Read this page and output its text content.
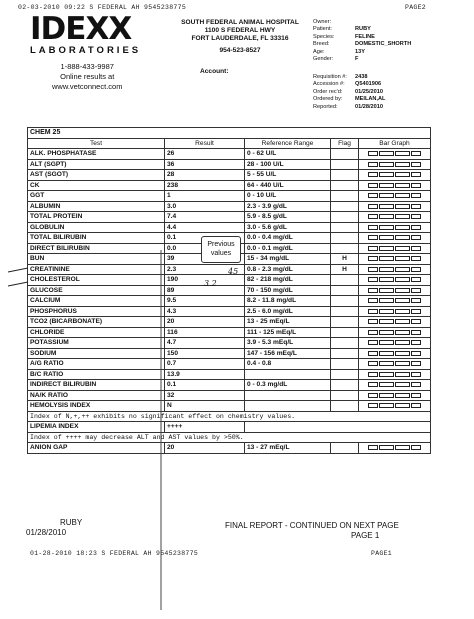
02-03-2010 09:22 S FEDERAL AH 9545238775	PAGE2
IDEXX
LABORATORIES
1-888-433-9987
Online results at
www.vetconnect.com
SOUTH FEDERAL ANIMAL HOSPITAL
1100 S FEDERAL HWY
FORT LAUDERDALE, FL 33316
954-523-8527
Account:
Owner:
Patient:	RUBY
Species:	FELINE
Breed:	DOMESTIC_SHORTH
Age:	13Y
Gender:	F
Requisition #:	2438
Accession #:	Q5401906
Order rec'd:	01/25/2010
Ordered by:	MEILAN,AL
Reported:	01/28/2010
CHEM 25				
Test	Result	Reference Range	Flag	Bar Graph
ALK. PHOSPHATASE	26	0 - 62 U/L		

ALT (SGPT)	36	28 - 100 U/L		

AST (SGOT)	28	5 - 55 U/L		

CK	238	64 - 440 U/L		

GGT	1	0 - 10 U/L		

ALBUMIN	3.0	2.3 - 3.9 g/dL		

TOTAL PROTEIN	7.4	5.9 - 8.5 g/dL		

GLOBULIN	4.4	3.0 - 5.6 g/dL		

TOTAL BILIRUBIN	0.1	0.0 - 0.4 mg/dL		

DIRECT BILIRUBIN	0.0	0.0 - 0.1 mg/dL		

BUN	39	15 - 34 mg/dL	H	

CREATININE	2.3	0.8 - 2.3 mg/dL	H	

CHOLESTEROL	190	82 - 218 mg/dL		

GLUCOSE	89	70 - 150 mg/dL		

CALCIUM	9.5	8.2 - 11.8 mg/dL		

PHOSPHORUS	4.3	2.5 - 6.0 mg/dL		

TCO2 (BICARBONATE)	20	13 - 25 mEq/L		

CHLORIDE	116	111 - 125 mEq/L		

POTASSIUM	4.7	3.9 - 5.3 mEq/L		

SODIUM	150	147 - 156 mEq/L		

A/G RATIO	0.7	0.4 - 0.8		

B/C RATIO	13.9			

INDIRECT BILIRUBIN	0.1	0 - 0.3 mg/dL		

NA/K RATIO	32			

HEMOLYSIS INDEX	N			

Index of N,+,++ exhibits no significant effect on chemistry values.				
LIPEMIA INDEX	++++			
Index of ++++ may decrease ALT and AST values by >50%.				
ANION GAP	20	13 - 27 mEq/L		
Previous values
45
3.2
RUBY
01/28/2010
FINAL REPORT - CONTINUED ON NEXT PAGE
PAGE 1
01-28-2010 18:23 S FEDERAL AH 9545238775	PAGE1
